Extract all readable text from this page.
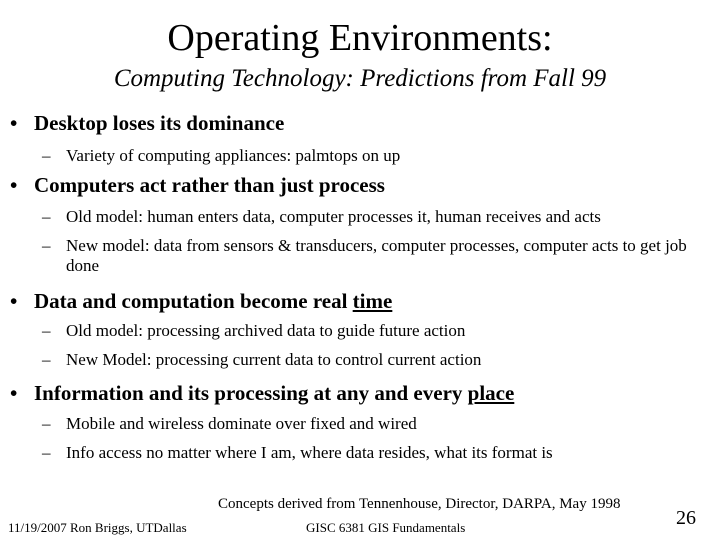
Operating Environments:
Computing Technology: Predictions from Fall 99
• Desktop loses its dominance
– Variety of computing appliances: palmtops on up
• Computers act rather than just process
– Old model: human enters data, computer processes it, human receives and acts
– New model: data from sensors & transducers, computer processes, computer acts to get job done
• Data and computation become real time
– Old model: processing archived data to guide future action
– New Model: processing current data to control current action
• Information and its processing at any and every place
– Mobile and wireless dominate over fixed and wired
– Info access no matter where I am, where data resides, what its format is
Concepts derived from Tennenhouse, Director, DARPA, May 1998
11/19/2007 Ron Briggs, UTDallas	GISC 6381 GIS Fundamentals	26
